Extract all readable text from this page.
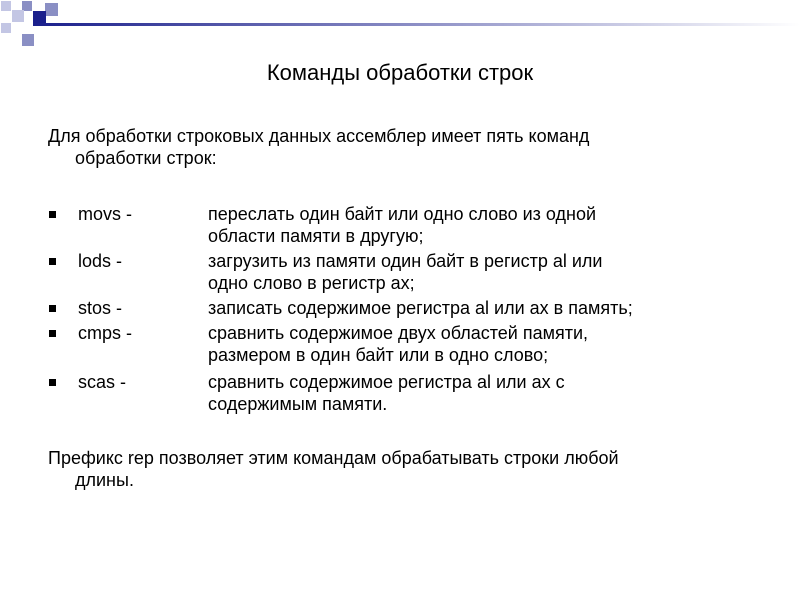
Команды обработки строк

Для обработки строковых данных ассемблер имеет пять команд
обработки строк:

movs -	переслать один байт или одно слово из одной
области памяти в другую;
lods -	загрузить из памяти один байт в регистр al или
одно слово в регистр ax;
stos -	записать содержимое регистра al или ax в память;
cmps -	сравнить содержимое двух областей памяти,
размером в один байт или в одно слово;
scas -	сравнить содержимое регистра al или ax с
содержимым памяти.

Префикс rep позволяет этим командам обрабатывать строки любой
длины.
